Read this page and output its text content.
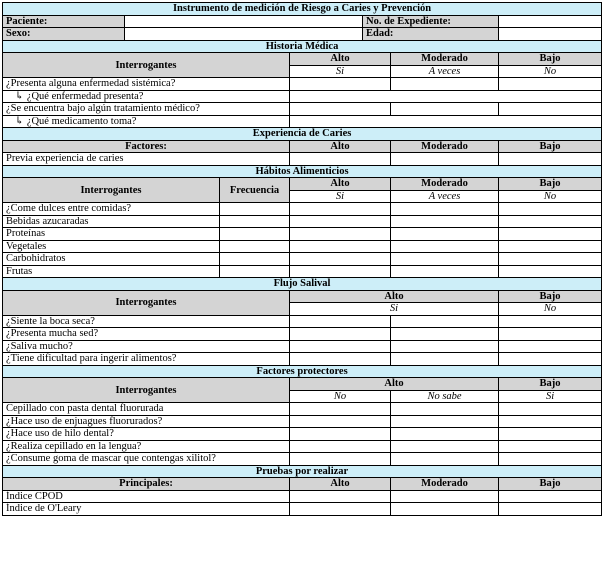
Instrumento de medición de Riesgo a Caries y Prevención						
Paciente:				No. de Expediente:		
Sexo:				Edad:		
Historia Médica						
Interrogantes			Alto		Moderado	Bajo
			Si		A veces	No
¿Presenta alguna enfermedad sistémica?						
↳ ¿Qué enfermedad presenta?						
¿Se encuentra bajo algún tratamiento médico?						
↳ ¿Qué medicamento toma?						
Experiencia de Caries						
Factores:			Alto		Moderado	Bajo
Previa experiencia de caries						
Hábitos Alimenticios						
Interrogantes		Frecuencia	Alto		Moderado	Bajo
			Si		A veces	No
¿Come dulces entre comidas?						
Bebidas azucaradas						
Proteínas						
Vegetales						
Carbohidratos						
Frutas						
Flujo Salival						
Interrogantes			Alto			Bajo
			Si			No
¿Siente la boca seca?						
¿Presenta mucha sed?						
¿Saliva mucho?						
¿Tiene dificultad para ingerir alimentos?						
Factores protectores						
Interrogantes			Alto			Bajo
			No		No sabe	Si
Cepillado con pasta dental fluorurada						
¿Hace uso de enjuagues fluorurados?						
¿Hace uso de hilo dental?						
¿Realiza cepillado en la lengua?						
¿Consume goma de mascar que contengas xilitol?						
Pruebas por realizar						
Principales:			Alto		Moderado	Bajo
Índice CPOD						
Índice de O'Leary						
